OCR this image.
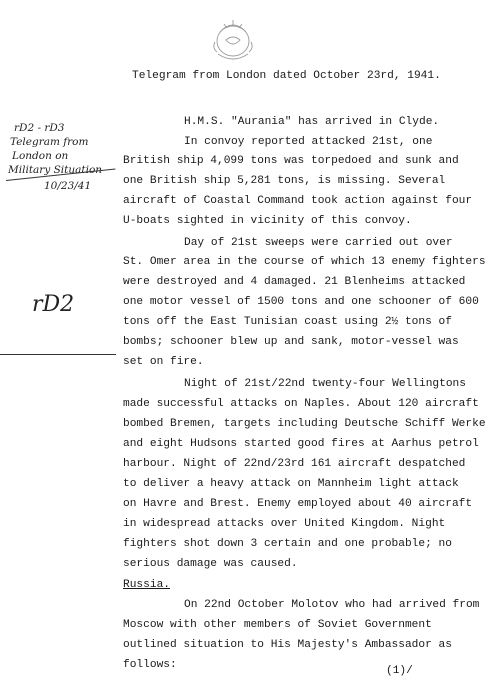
Telegram from London dated October 23rd, 1941.
rD2 - rD3
Telegram from
London on
Military Situation
10/23/41
rD2
H.M.S. "Aurania" has arrived in Clyde.
In convoy reported attacked 21st, one
British ship 4,099 tons was torpedoed and sunk and
one British ship 5,281 tons, is missing. Several
aircraft of Coastal Command took action against four
U-boats sighted in vicinity of this convoy.
Day of 21st sweeps were carried out over
St. Omer area in the course of which 13 enemy fighters
were destroyed and 4 damaged. 21 Blenheims attacked
one motor vessel of 1500 tons and one schooner of 600
tons off the East Tunisian coast using 2½ tons of
bombs; schooner blew up and sank, motor-vessel was
set on fire.
Night of 21st/22nd twenty-four Wellingtons
made successful attacks on Naples. About 120 aircraft
bombed Bremen, targets including Deutsche Schiff Werke
and eight Hudsons started good fires at Aarhus petrol
harbour. Night of 22nd/23rd 161 aircraft despatched
to deliver a heavy attack on Mannheim light attack
on Havre and Brest. Enemy employed about 40 aircraft
in widespread attacks over United Kingdom. Night
fighters shot down 3 certain and one probable; no
serious damage was caused.
Russia.
On 22nd October Molotov who had arrived from
Moscow with other members of Soviet Government
outlined situation to His Majesty's Ambassador as
follows:	(1)/
